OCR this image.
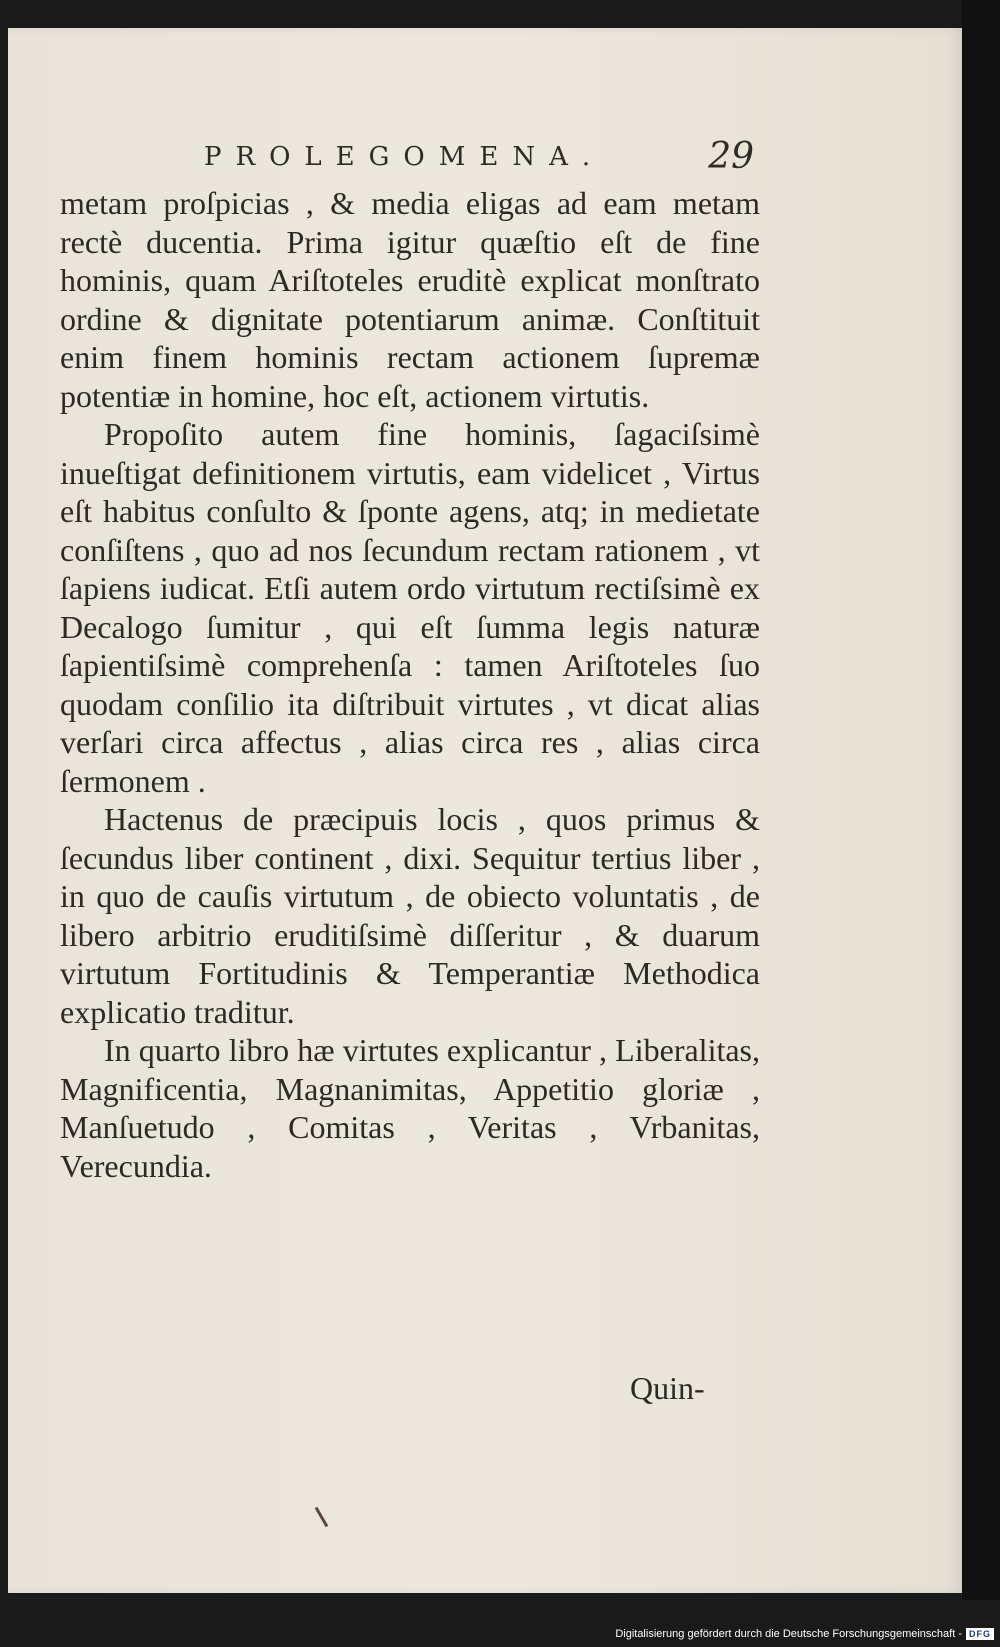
PROLEGOMENA.	29

metam proſpicias , & media eligas ad eam metam rectè ducentia. Prima igitur quæſtio eſt de fine hominis, quam Ariſtoteles eruditè explicat monſtrato ordine & dignitate potentiarum animæ. Conſtituit enim finem hominis rectam actionem ſupremæ potentiæ in homine, hoc eſt, actionem virtutis.

Propoſito autem fine hominis, ſagaciſsimè inueſtigat definitionem virtutis, eam videlicet , Virtus eſt habitus conſulto & ſponte agens, atq; in medietate conſiſtens , quo ad nos ſecundum rectam rationem , vt ſapiens iudicat. Etſi autem ordo virtutum rectiſsimè ex Decalogo ſumitur , qui eſt ſumma legis naturæ ſapientiſsimè comprehenſa : tamen Ariſtoteles ſuo quodam conſilio ita diſtribuit virtutes , vt dicat alias verſari circa affectus , alias circa res , alias circa ſermonem .

Hactenus de præcipuis locis , quos primus & ſecundus liber continent , dixi. Sequitur tertius liber , in quo de cauſis virtutum , de obiecto voluntatis , de libero arbitrio eruditiſsimè diſſeritur , & duarum virtutum Fortitudinis & Temperantiæ Methodica explicatio traditur.

In quarto libro hæ virtutes explicantur , Liberalitas, Magnificentia, Magnanimitas, Appetitio gloriæ , Manſuetudo , Comitas , Veritas , Vrbanitas, Verecundia.

Quin-
Digitalisierung gefördert durch die Deutsche Forschungsgemeinschaft - DFG
